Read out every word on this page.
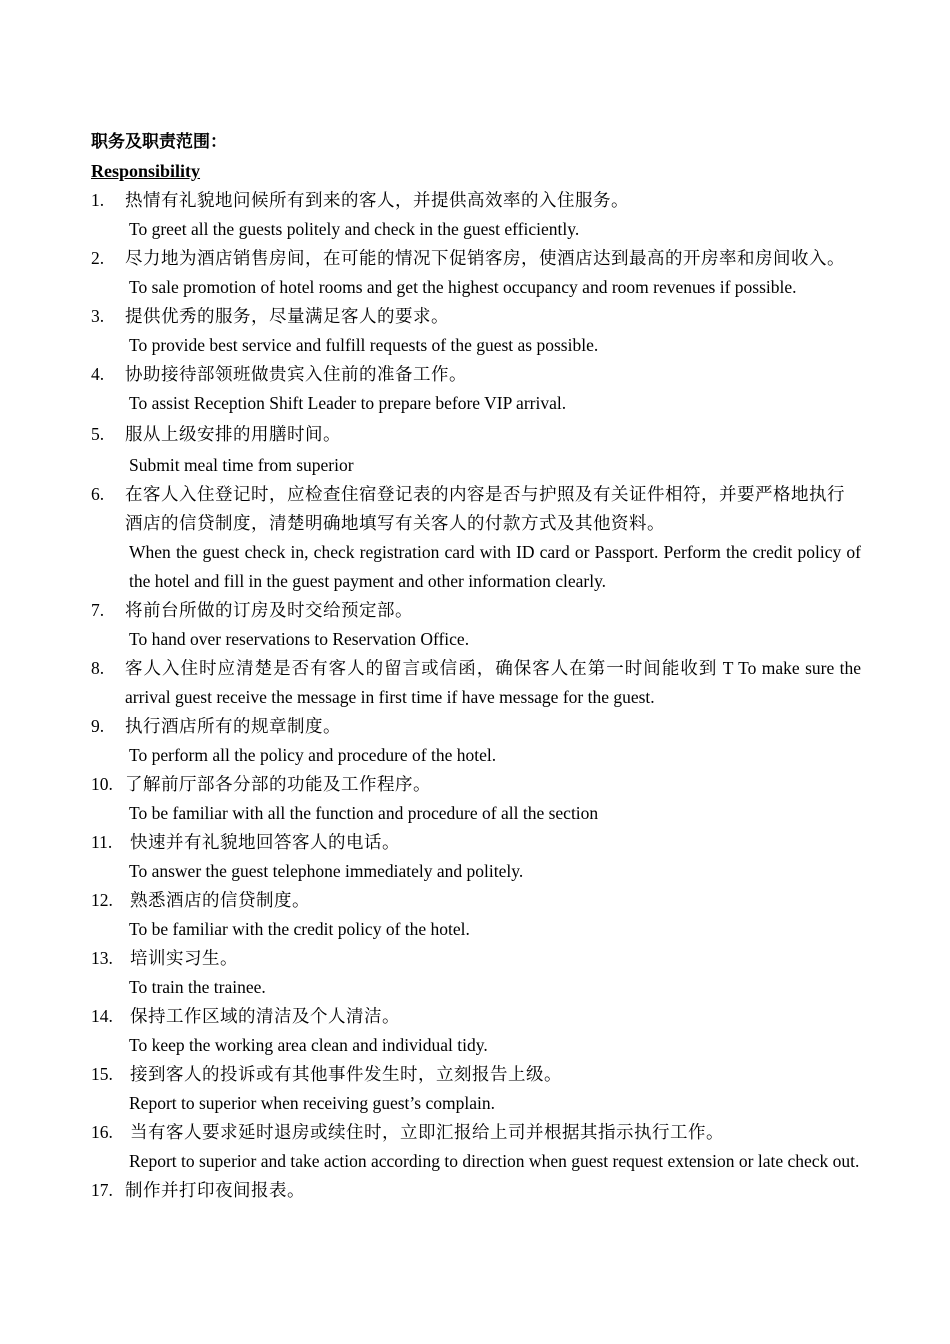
职务及职责范围：
Responsibility
1. 热情有礼貌地问候所有到来的客人，并提供高效率的入住服务。
To greet all the guests politely and check in the guest efficiently.
2. 尽力地为酒店销售房间，在可能的情况下促销客房，使酒店达到最高的开房率和房间收入。
To sale promotion of hotel rooms and get the highest occupancy and room revenues if possible.
3. 提供优秀的服务，尽量满足客人的要求。
To provide best service and fulfill requests of the guest as possible.
4. 协助接待部领班做贵宾入住前的准备工作。
To assist Reception Shift Leader to prepare before VIP arrival.
5. 服从上级安排的用膳时间。
Submit meal time from superior
6. 在客人入住登记时，应检查住宿登记表的内容是否与护照及有关证件相符，并要严格地执行酒店的信贷制度，清楚明确地填写有关客人的付款方式及其他资料。
When the guest check in, check registration card with ID card or Passport. Perform the credit policy of the hotel and fill in the guest payment and other information clearly.
7. 将前台所做的订房及时交给预定部。
To hand over reservations to Reservation Office.
8. 客人入住时应清楚是否有客人的留言或信函，确保客人在第一时间能收到 T To make sure the arrival guest receive the message in first time if have message for the guest.
9. 执行酒店所有的规章制度。
To perform all the policy and procedure of the hotel.
10. 了解前厅部各分部的功能及工作程序。
To be familiar with all the function and procedure of all the section
11. 快速并有礼貌地回答客人的电话。
To answer the guest telephone immediately and politely.
12. 熟悉酒店的信贷制度。
To be familiar with the credit policy of the hotel.
13. 培训实习生。
To train the trainee.
14. 保持工作区域的清洁及个人清洁。
To keep the working area clean and individual tidy.
15. 接到客人的投诉或有其他事件发生时，立刻报告上级。
Report to superior when receiving guest’s complain.
16. 当有客人要求延时退房或续住时，立即汇报给上司并根据其指示执行工作。
Report to superior and take action according to direction when guest request extension or late check out.
17. 制作并打印夜间报表。
